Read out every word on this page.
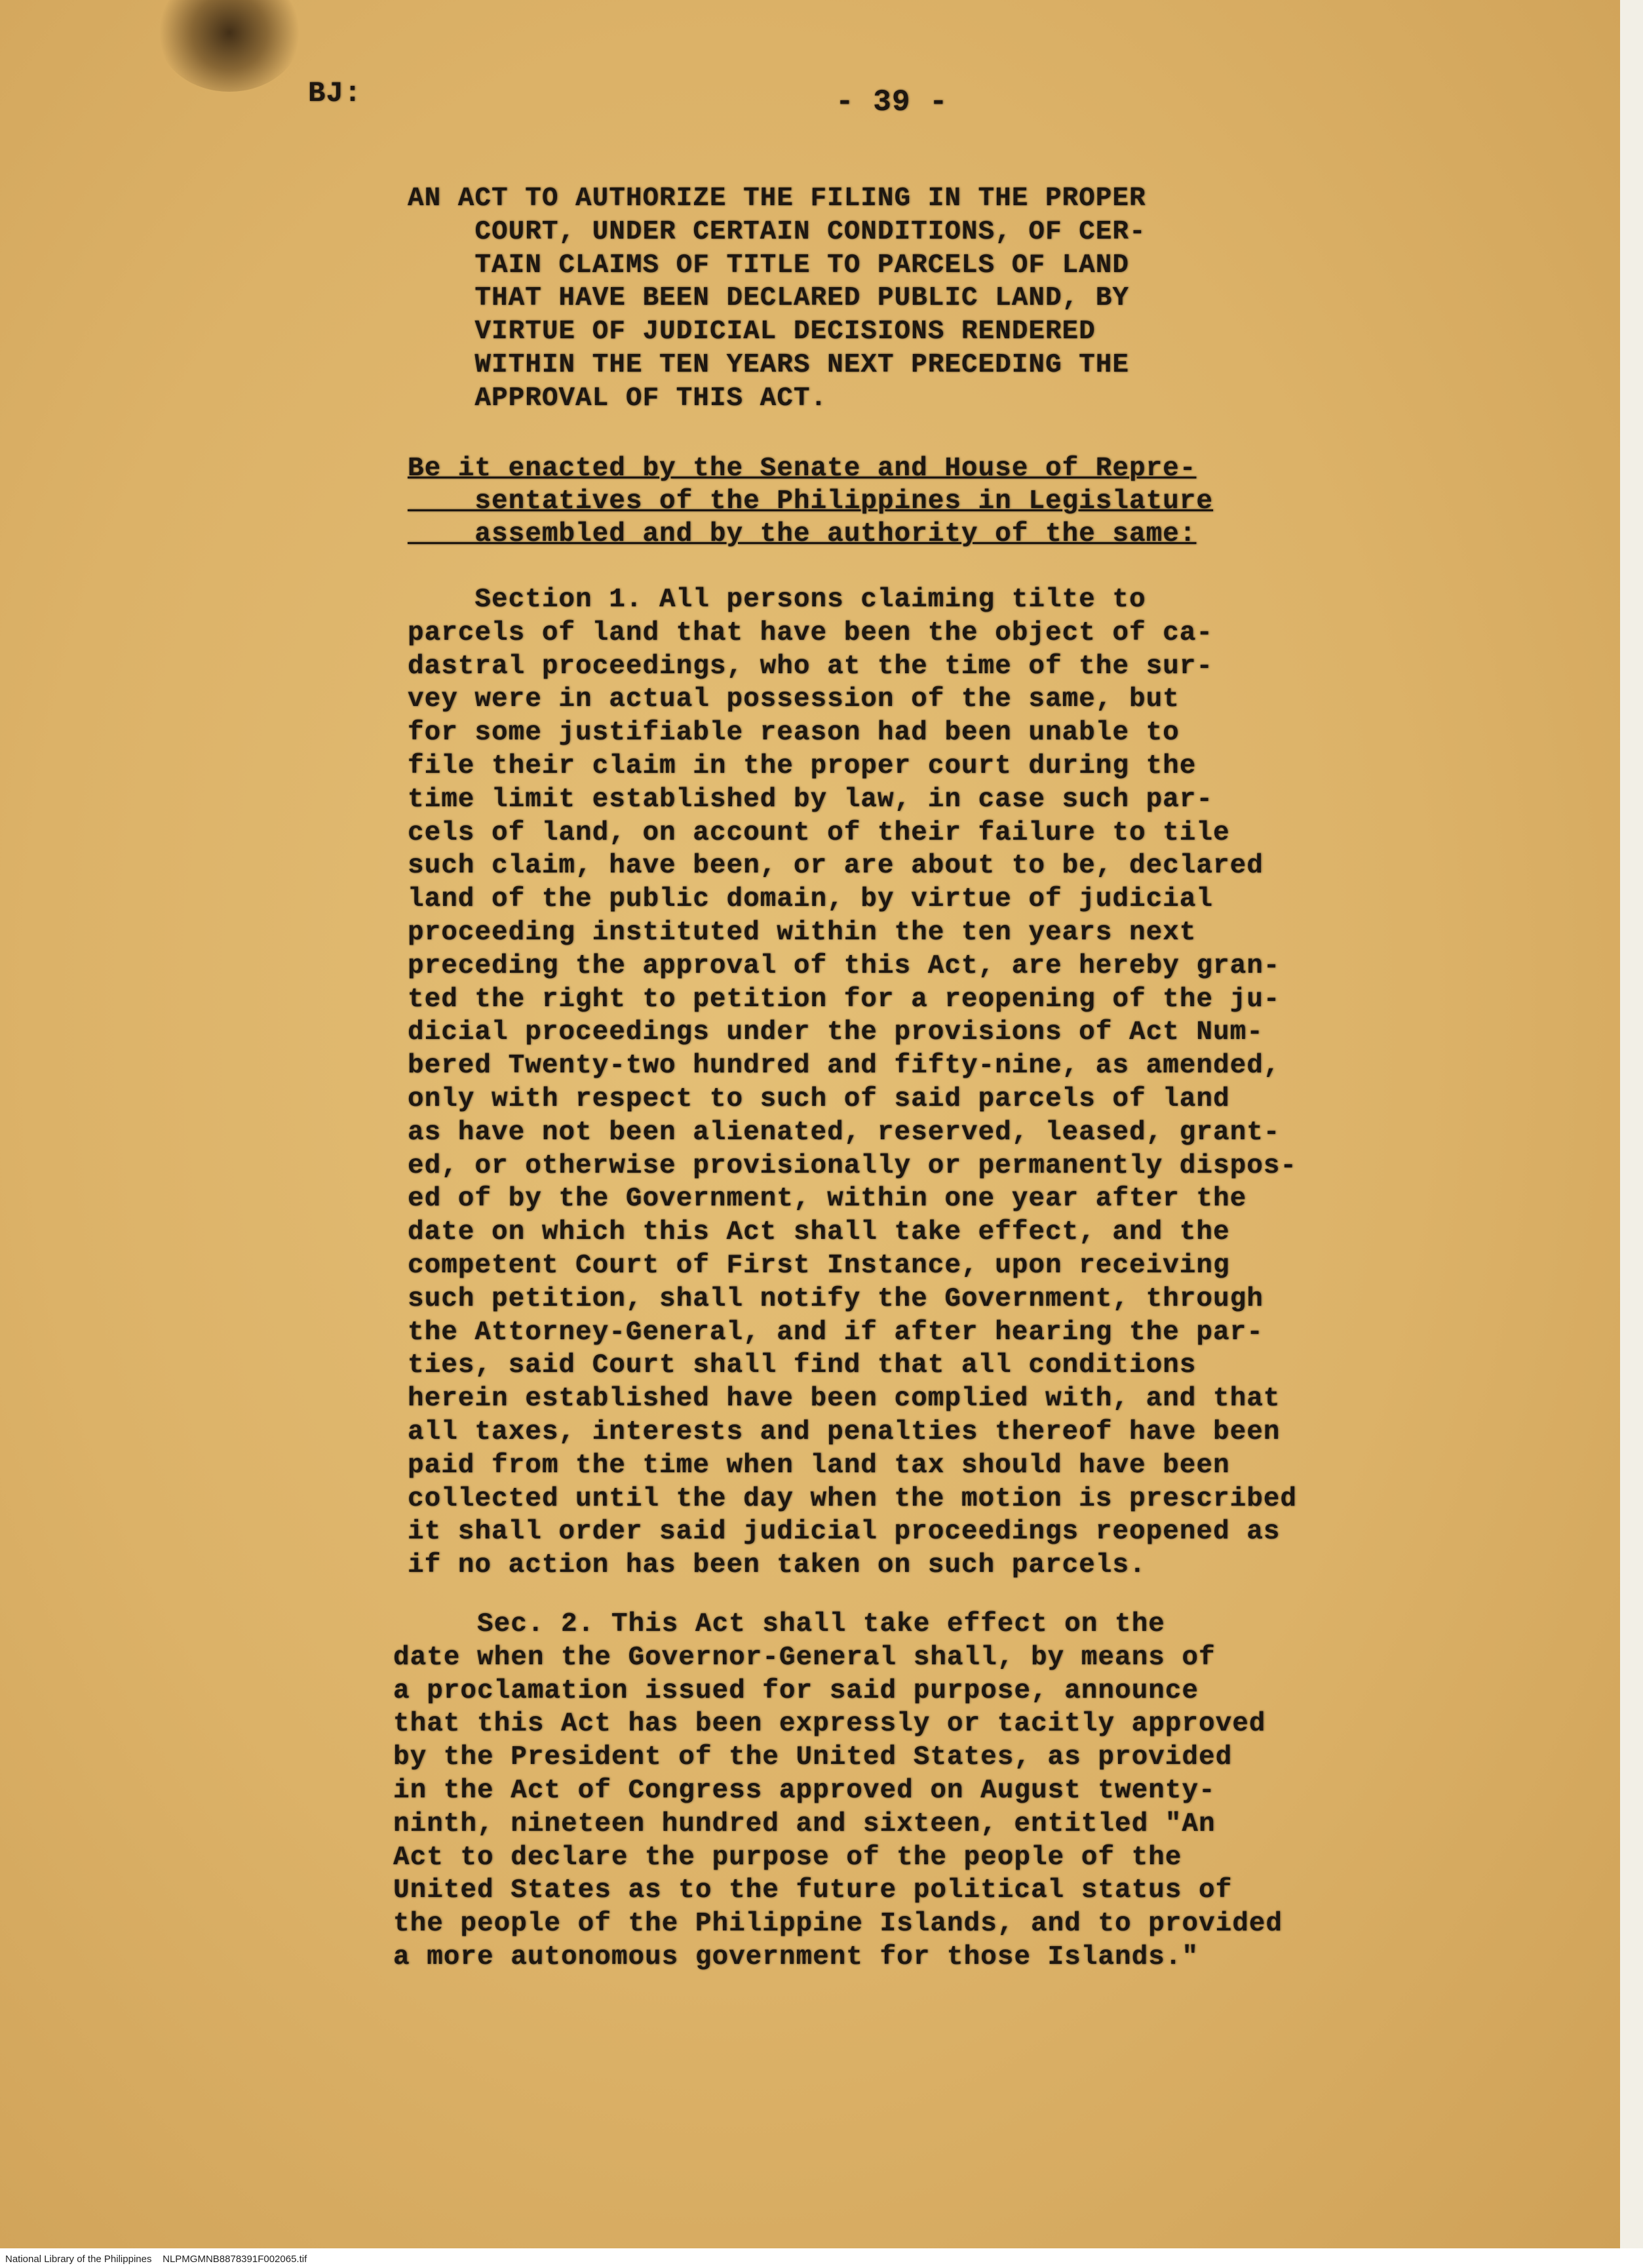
BJ:	- 39 -
AN ACT TO AUTHORIZE THE FILING IN THE PROPER
COURT, UNDER CERTAIN CONDITIONS, OF CER-
TAIN CLAIMS OF TITLE TO PARCELS OF LAND
THAT HAVE BEEN DECLARED PUBLIC LAND, BY
VIRTUE OF JUDICIAL DECISIONS RENDERED
WITHIN THE TEN YEARS NEXT PRECEDING THE
APPROVAL OF THIS ACT.
Be it enacted by the Senate and House of Repre-
sentatives of the Philippines in Legislature
assembled and by the authority of the same:
Section 1. All persons claiming tilte to
parcels of land that have been the object of ca-
dastral proceedings, who at the time of the sur-
vey were in actual possession of the same, but
for some justifiable reason had been unable to
file their claim in the proper court during the
time limit established by law, in case such par-
cels of land, on account of their failure to tile
such claim, have been, or are about to be, declared
land of the public domain, by virtue of judicial
proceeding instituted within the ten years next
preceding the approval of this Act, are hereby gran-
ted the right to petition for a reopening of the ju-
dicial proceedings under the provisions of Act Num-
bered Twenty-two hundred and fifty-nine, as amended,
only with respect to such of said parcels of land
as have not been alienated, reserved, leased, grant-
ed, or otherwise provisionally or permanently dispos-
ed of by the Government, within one year after the
date on which this Act shall take effect, and the
competent Court of First Instance, upon receiving
such petition, shall notify the Government, through
the Attorney-General, and if after hearing the par-
ties, said Court shall find that all conditions
herein established have been complied with, and that
all taxes, interests and penalties thereof have been
paid from the time when land tax should have been
collected until the day when the motion is prescribed
it shall order said judicial proceedings reopened as
if no action has been taken on such parcels.
Sec. 2. This Act shall take effect on the
date when the Governor-General shall, by means of
a proclamation issued for said purpose, announce
that this Act has been expressly or tacitly approved
by the President of the United States, as provided
in the Act of Congress approved on August twenty-
ninth, nineteen hundred and sixteen, entitled "An
Act to declare the purpose of the people of the
United States as to the future political status of
the people of the Philippine Islands, and to provided
a more autonomous government for those Islands."
National Library of the Philippines    NLPMGMNB8878391F002065.tif
